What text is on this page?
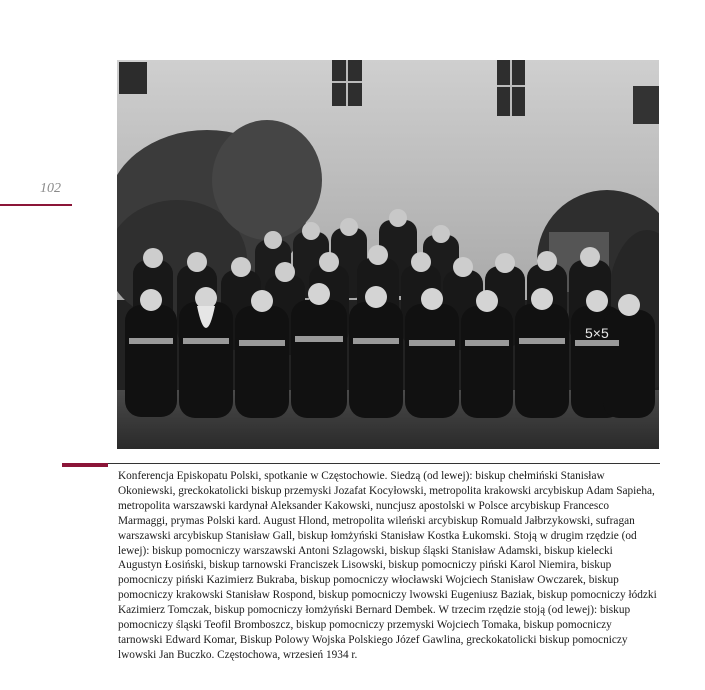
102
5×5
Konferencja Episkopatu Polski, spotkanie w Częstochowie. Siedzą (od lewej): biskup chełmiński Stanisław Okoniewski, greckokatolicki biskup przemyski Jozafat Kocyłowski, metropolita krakowski arcybiskup Adam Sapieha, metropolita warszawski kardynał Aleksander Kakowski, nuncjusz apostolski w Polsce arcybiskup Francesco Marmaggi, prymas Polski kard. August Hlond, metropolita wileński arcybiskup Romuald Jałbrzykowski, sufragan warszawski arcybiskup Stanisław Gall, biskup łomżyński Stanisław Kostka Łukomski. Stoją w drugim rzędzie (od lewej): biskup pomocniczy warszawski Antoni Szlagowski, biskup śląski Stanisław Adamski, biskup kielecki Augustyn Łosiński, biskup tarnowski Franciszek Lisowski, biskup pomocniczy piński Karol Niemira, biskup pomocniczy piński Kazimierz Bukraba, biskup pomocniczy włocławski Wojciech Stanisław Owczarek, biskup pomocniczy krakowski Stanisław Rospond, biskup pomocniczy lwowski Eugeniusz Baziak, biskup pomocniczy łódzki Kazimierz Tomczak, biskup pomocniczy łomżyński Bernard Dembek. W trzecim rzędzie stoją (od lewej): biskup pomocniczy śląski Teofil Bromboszcz, biskup pomocniczy przemyski Wojciech Tomaka, biskup pomocniczy tarnowski Edward Komar, Biskup Polowy Wojska Polskiego Józef Gawlina, greckokatolicki biskup pomocniczy lwowski Jan Buczko. Częstochowa, wrzesień 1934 r.
